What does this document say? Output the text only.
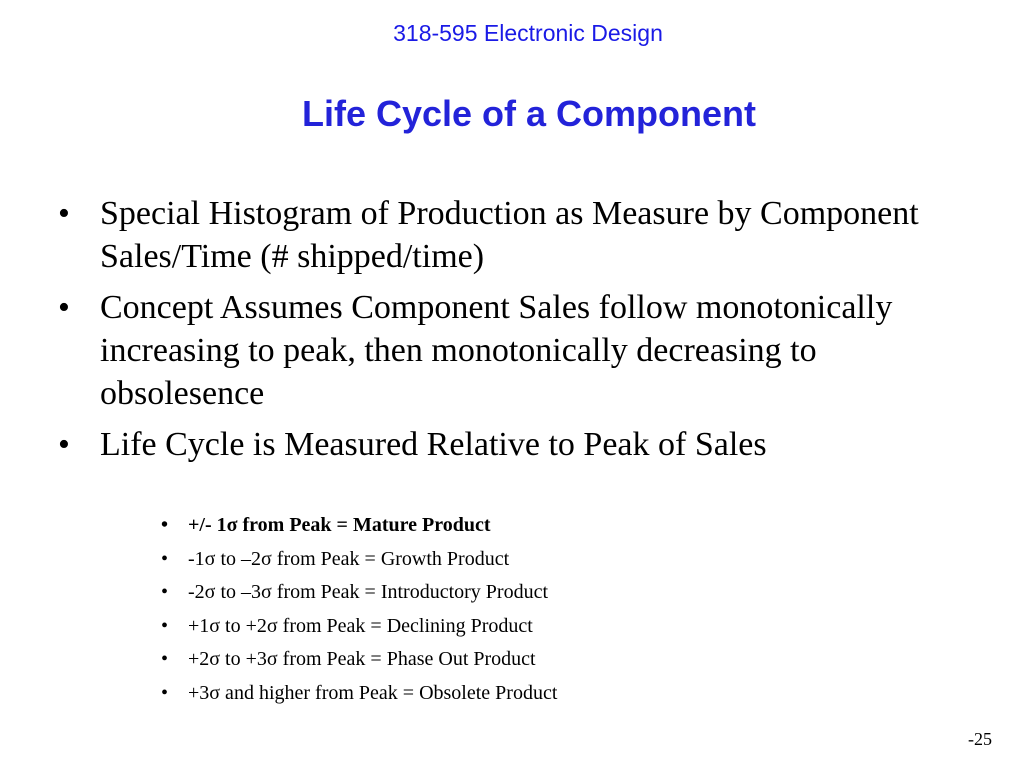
318-595 Electronic Design
Life Cycle of a Component
• Special Histogram of Production as Measure by Component Sales/Time (# shipped/time)
• Concept Assumes Component Sales follow monotonically increasing to peak, then monotonically decreasing to obsolesence
• Life Cycle is Measured Relative to Peak of Sales
• +/- 1σ from Peak = Mature Product
• -1σ to –2σ from Peak = Growth Product
• -2σ to –3σ from Peak = Introductory Product
• +1σ to +2σ from Peak = Declining Product
• +2σ to +3σ from Peak = Phase Out Product
• +3σ and higher from Peak = Obsolete Product
-25
